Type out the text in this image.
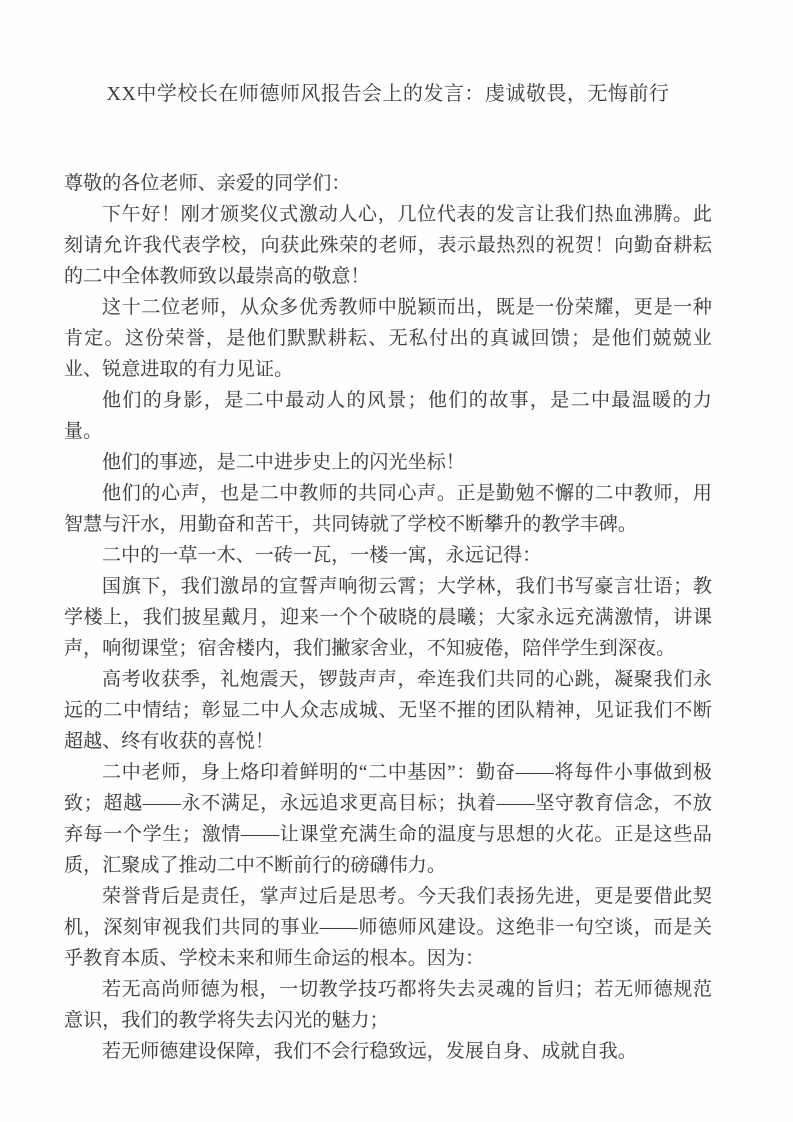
XX中学校长在师德师风报告会上的发言：虔诚敬畏，无悔前行

尊敬的各位老师、亲爱的同学们：

下午好！刚才颁奖仪式激动人心，几位代表的发言让我们热血沸腾。此刻请允许我代表学校，向获此殊荣的老师，表示最热烈的祝贺！向勤奋耕耘的二中全体教师致以最崇高的敬意！

这十二位老师，从众多优秀教师中脱颖而出，既是一份荣耀，更是一种肯定。这份荣誉，是他们默默耕耘、无私付出的真诚回馈；是他们兢兢业业、锐意进取的有力见证。

他们的身影，是二中最动人的风景；他们的故事，是二中最温暖的力量。

他们的事迹，是二中进步史上的闪光坐标！

他们的心声，也是二中教师的共同心声。正是勤勉不懈的二中教师，用智慧与汗水，用勤奋和苦干，共同铸就了学校不断攀升的教学丰碑。

二中的一草一木、一砖一瓦，一楼一寓，永远记得：

国旗下，我们激昂的宣誓声响彻云霄；大学林，我们书写豪言壮语；教学楼上，我们披星戴月，迎来一个个破晓的晨曦；大家永远充满激情，讲课声，响彻课堂；宿舍楼内，我们撇家舍业，不知疲倦，陪伴学生到深夜。

高考收获季，礼炮震天，锣鼓声声，牵连我们共同的心跳，凝聚我们永远的二中情结；彰显二中人众志成城、无坚不摧的团队精神，见证我们不断超越、终有收获的喜悦！

二中老师，身上烙印着鲜明的“二中基因”：勤奋——将每件小事做到极致；超越——永不满足，永远追求更高目标；执着——坚守教育信念，不放弃每一个学生；激情——让课堂充满生命的温度与思想的火花。正是这些品质，汇聚成了推动二中不断前行的磅礴伟力。

荣誉背后是责任，掌声过后是思考。今天我们表扬先进，更是要借此契机，深刻审视我们共同的事业——师德师风建设。这绝非一句空谈，而是关乎教育本质、学校未来和师生命运的根本。因为：

若无高尚师德为根，一切教学技巧都将失去灵魂的旨归；若无师德规范意识，我们的教学将失去闪光的魅力；

若无师德建设保障，我们不会行稳致远，发展自身、成就自我。
